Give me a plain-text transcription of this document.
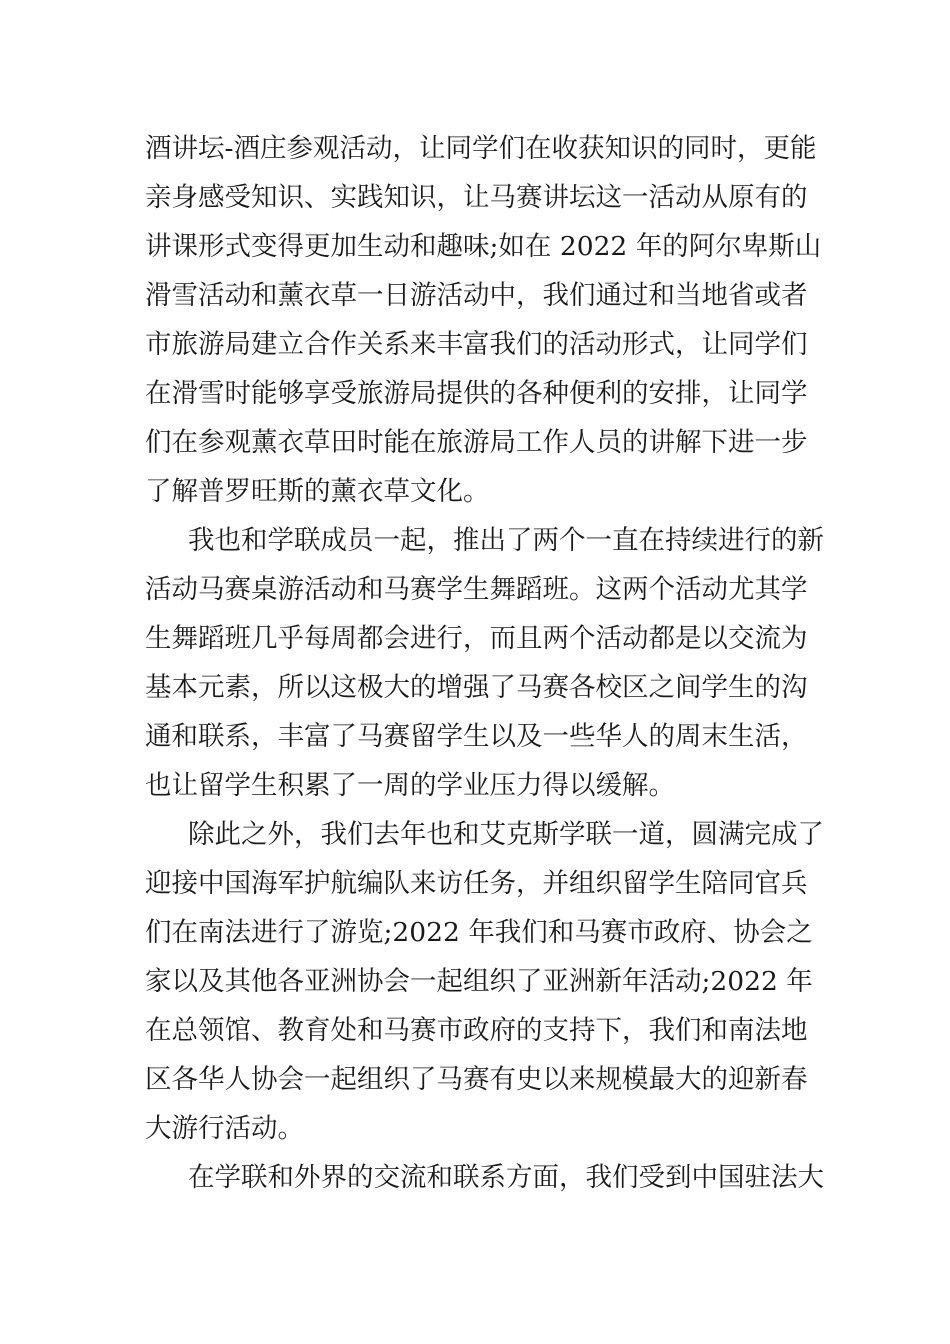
酒讲坛-酒庄参观活动，让同学们在收获知识的同时，更能
亲身感受知识、实践知识，让马赛讲坛这一活动从原有的
讲课形式变得更加生动和趣味;如在 2022 年的阿尔卑斯山
滑雪活动和薰衣草一日游活动中，我们通过和当地省或者
市旅游局建立合作关系来丰富我们的活动形式，让同学们
在滑雪时能够享受旅游局提供的各种便利的安排，让同学
们在参观薰衣草田时能在旅游局工作人员的讲解下进一步
了解普罗旺斯的薰衣草文化。
我也和学联成员一起，推出了两个一直在持续进行的新
活动马赛桌游活动和马赛学生舞蹈班。这两个活动尤其学
生舞蹈班几乎每周都会进行，而且两个活动都是以交流为
基本元素，所以这极大的增强了马赛各校区之间学生的沟
通和联系，丰富了马赛留学生以及一些华人的周末生活，
也让留学生积累了一周的学业压力得以缓解。
除此之外，我们去年也和艾克斯学联一道，圆满完成了
迎接中国海军护航编队来访任务，并组织留学生陪同官兵
们在南法进行了游览;2022 年我们和马赛市政府、协会之
家以及其他各亚洲协会一起组织了亚洲新年活动;2022 年
在总领馆、教育处和马赛市政府的支持下，我们和南法地
区各华人协会一起组织了马赛有史以来规模最大的迎新春
大游行活动。
在学联和外界的交流和联系方面，我们受到中国驻法大
